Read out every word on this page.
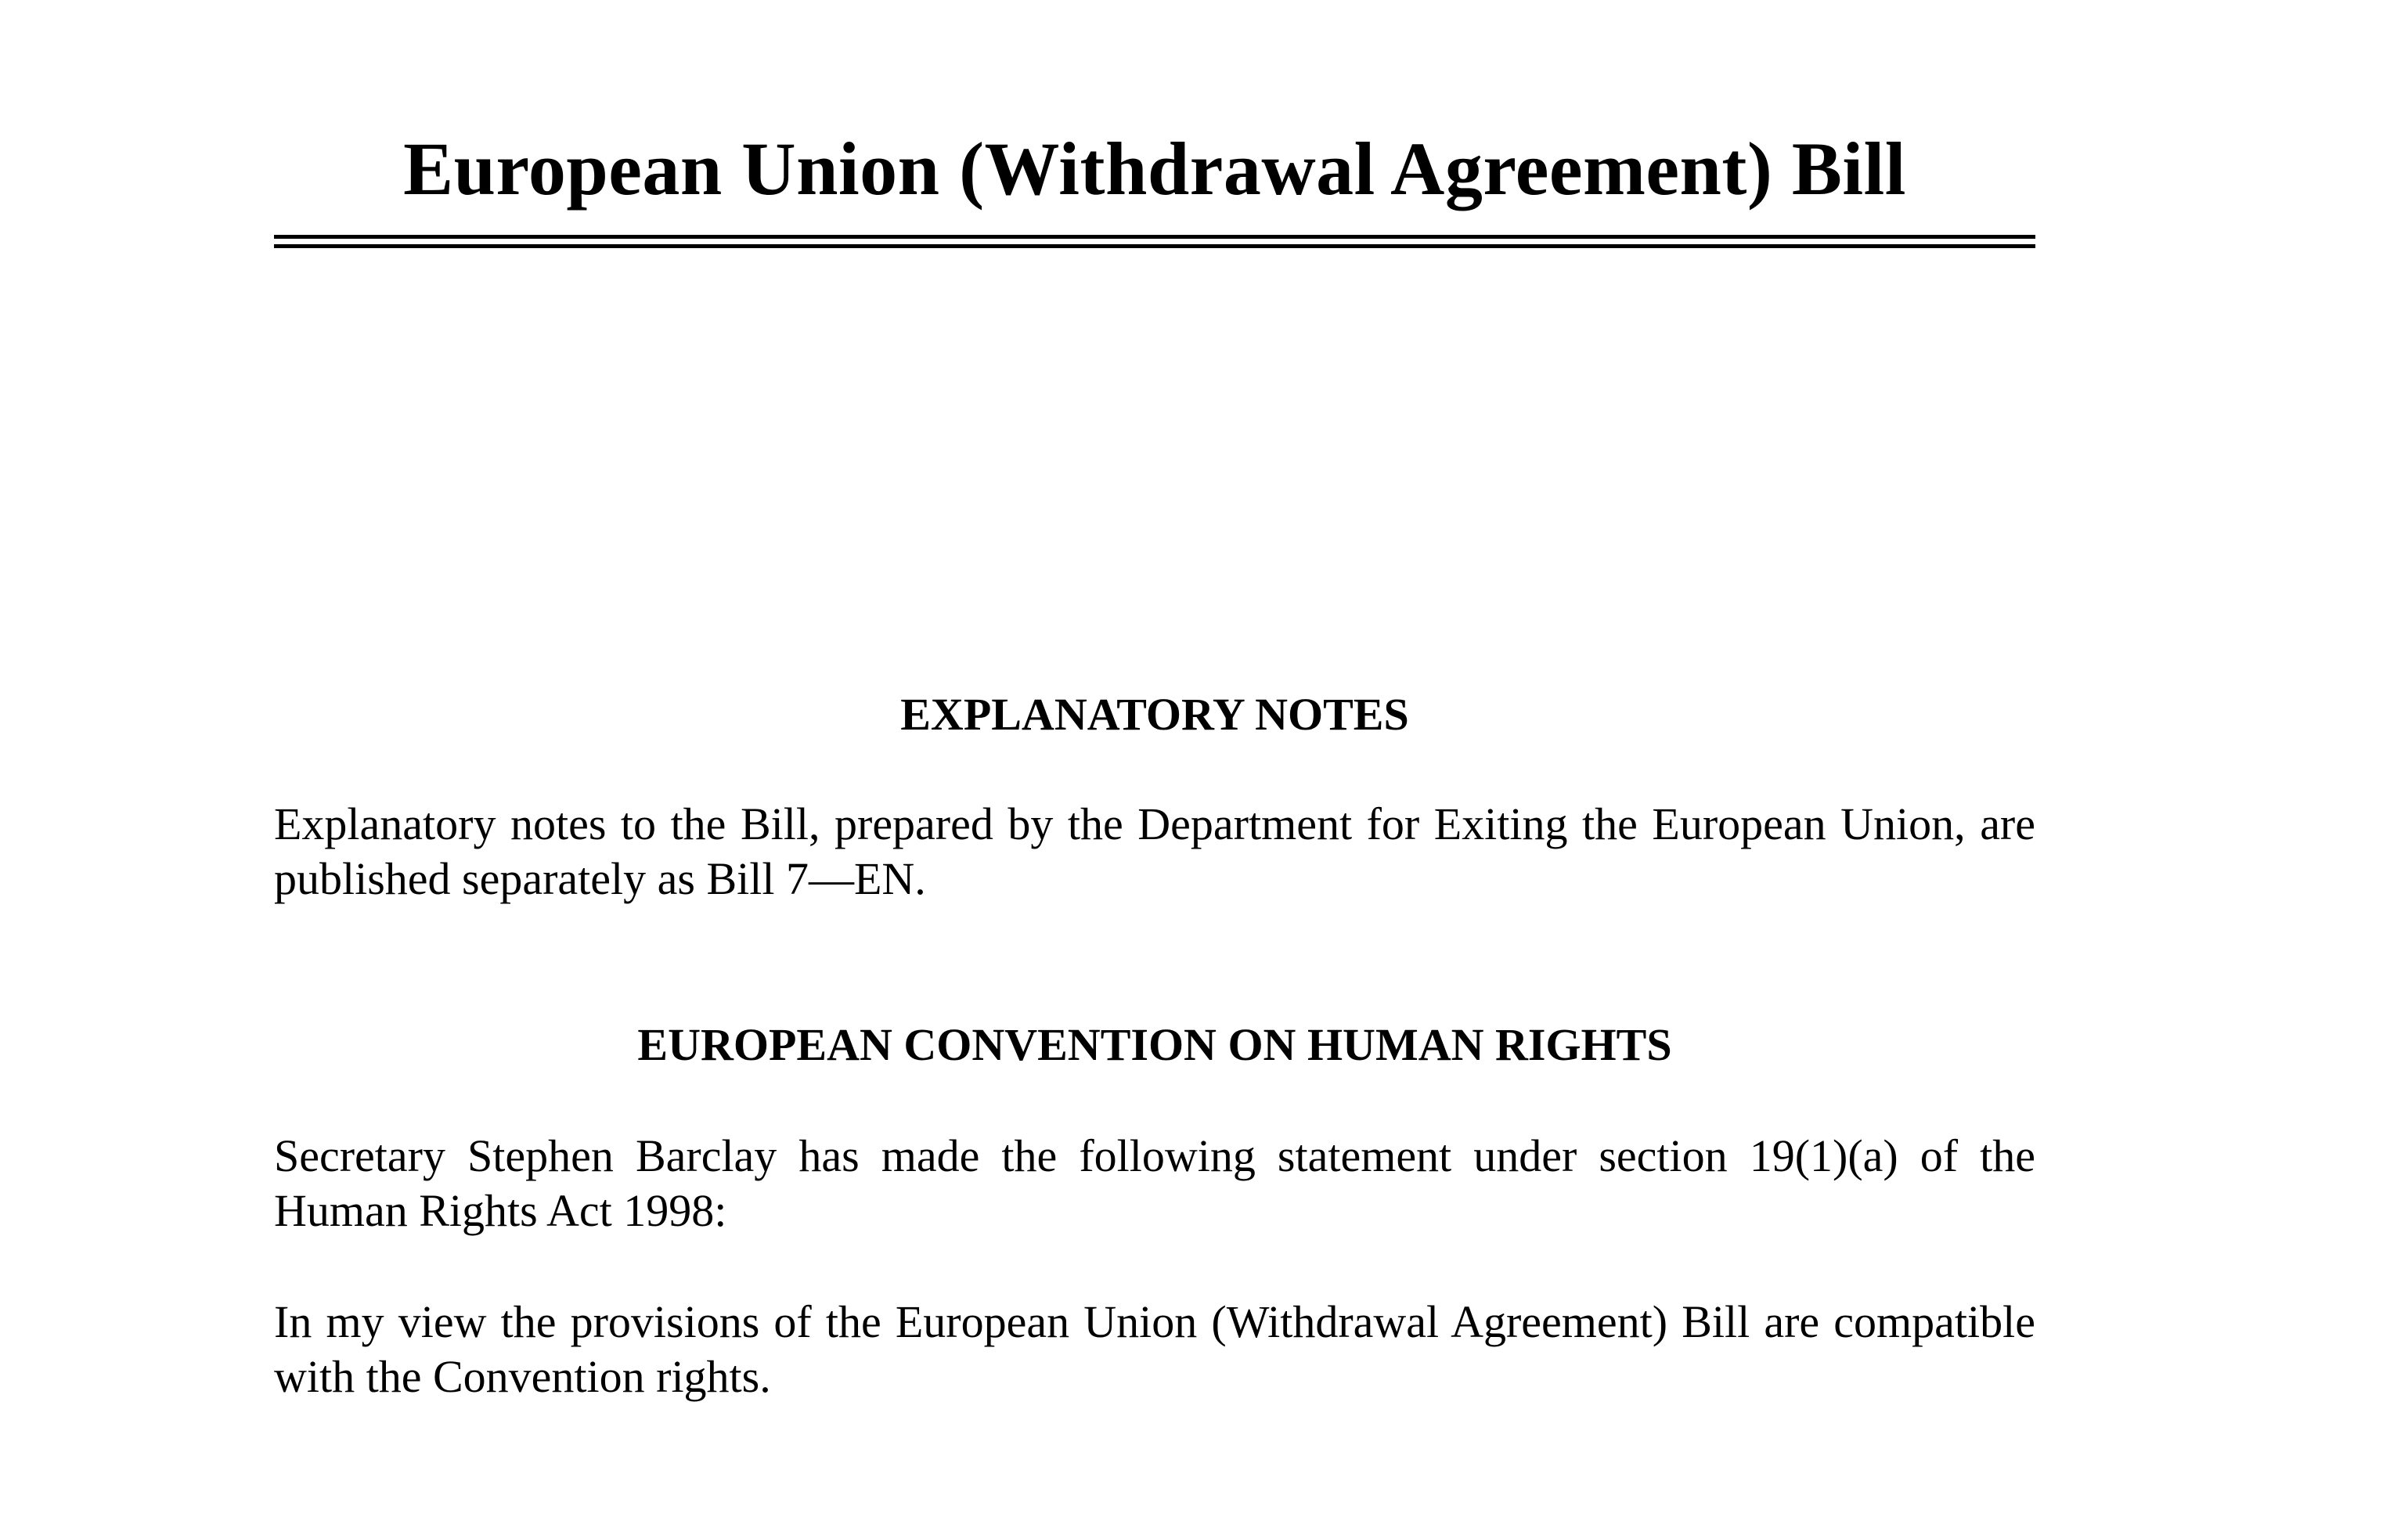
European Union (Withdrawal Agreement) Bill
EXPLANATORY NOTES

Explanatory notes to the Bill, prepared by the Department for Exiting the European Union, are published separately as Bill 7—EN.

EUROPEAN CONVENTION ON HUMAN RIGHTS

Secretary Stephen Barclay has made the following statement under section 19(1)(a) of the Human Rights Act 1998:

In my view the provisions of the European Union (Withdrawal Agreement) Bill are compatible with the Convention rights.
